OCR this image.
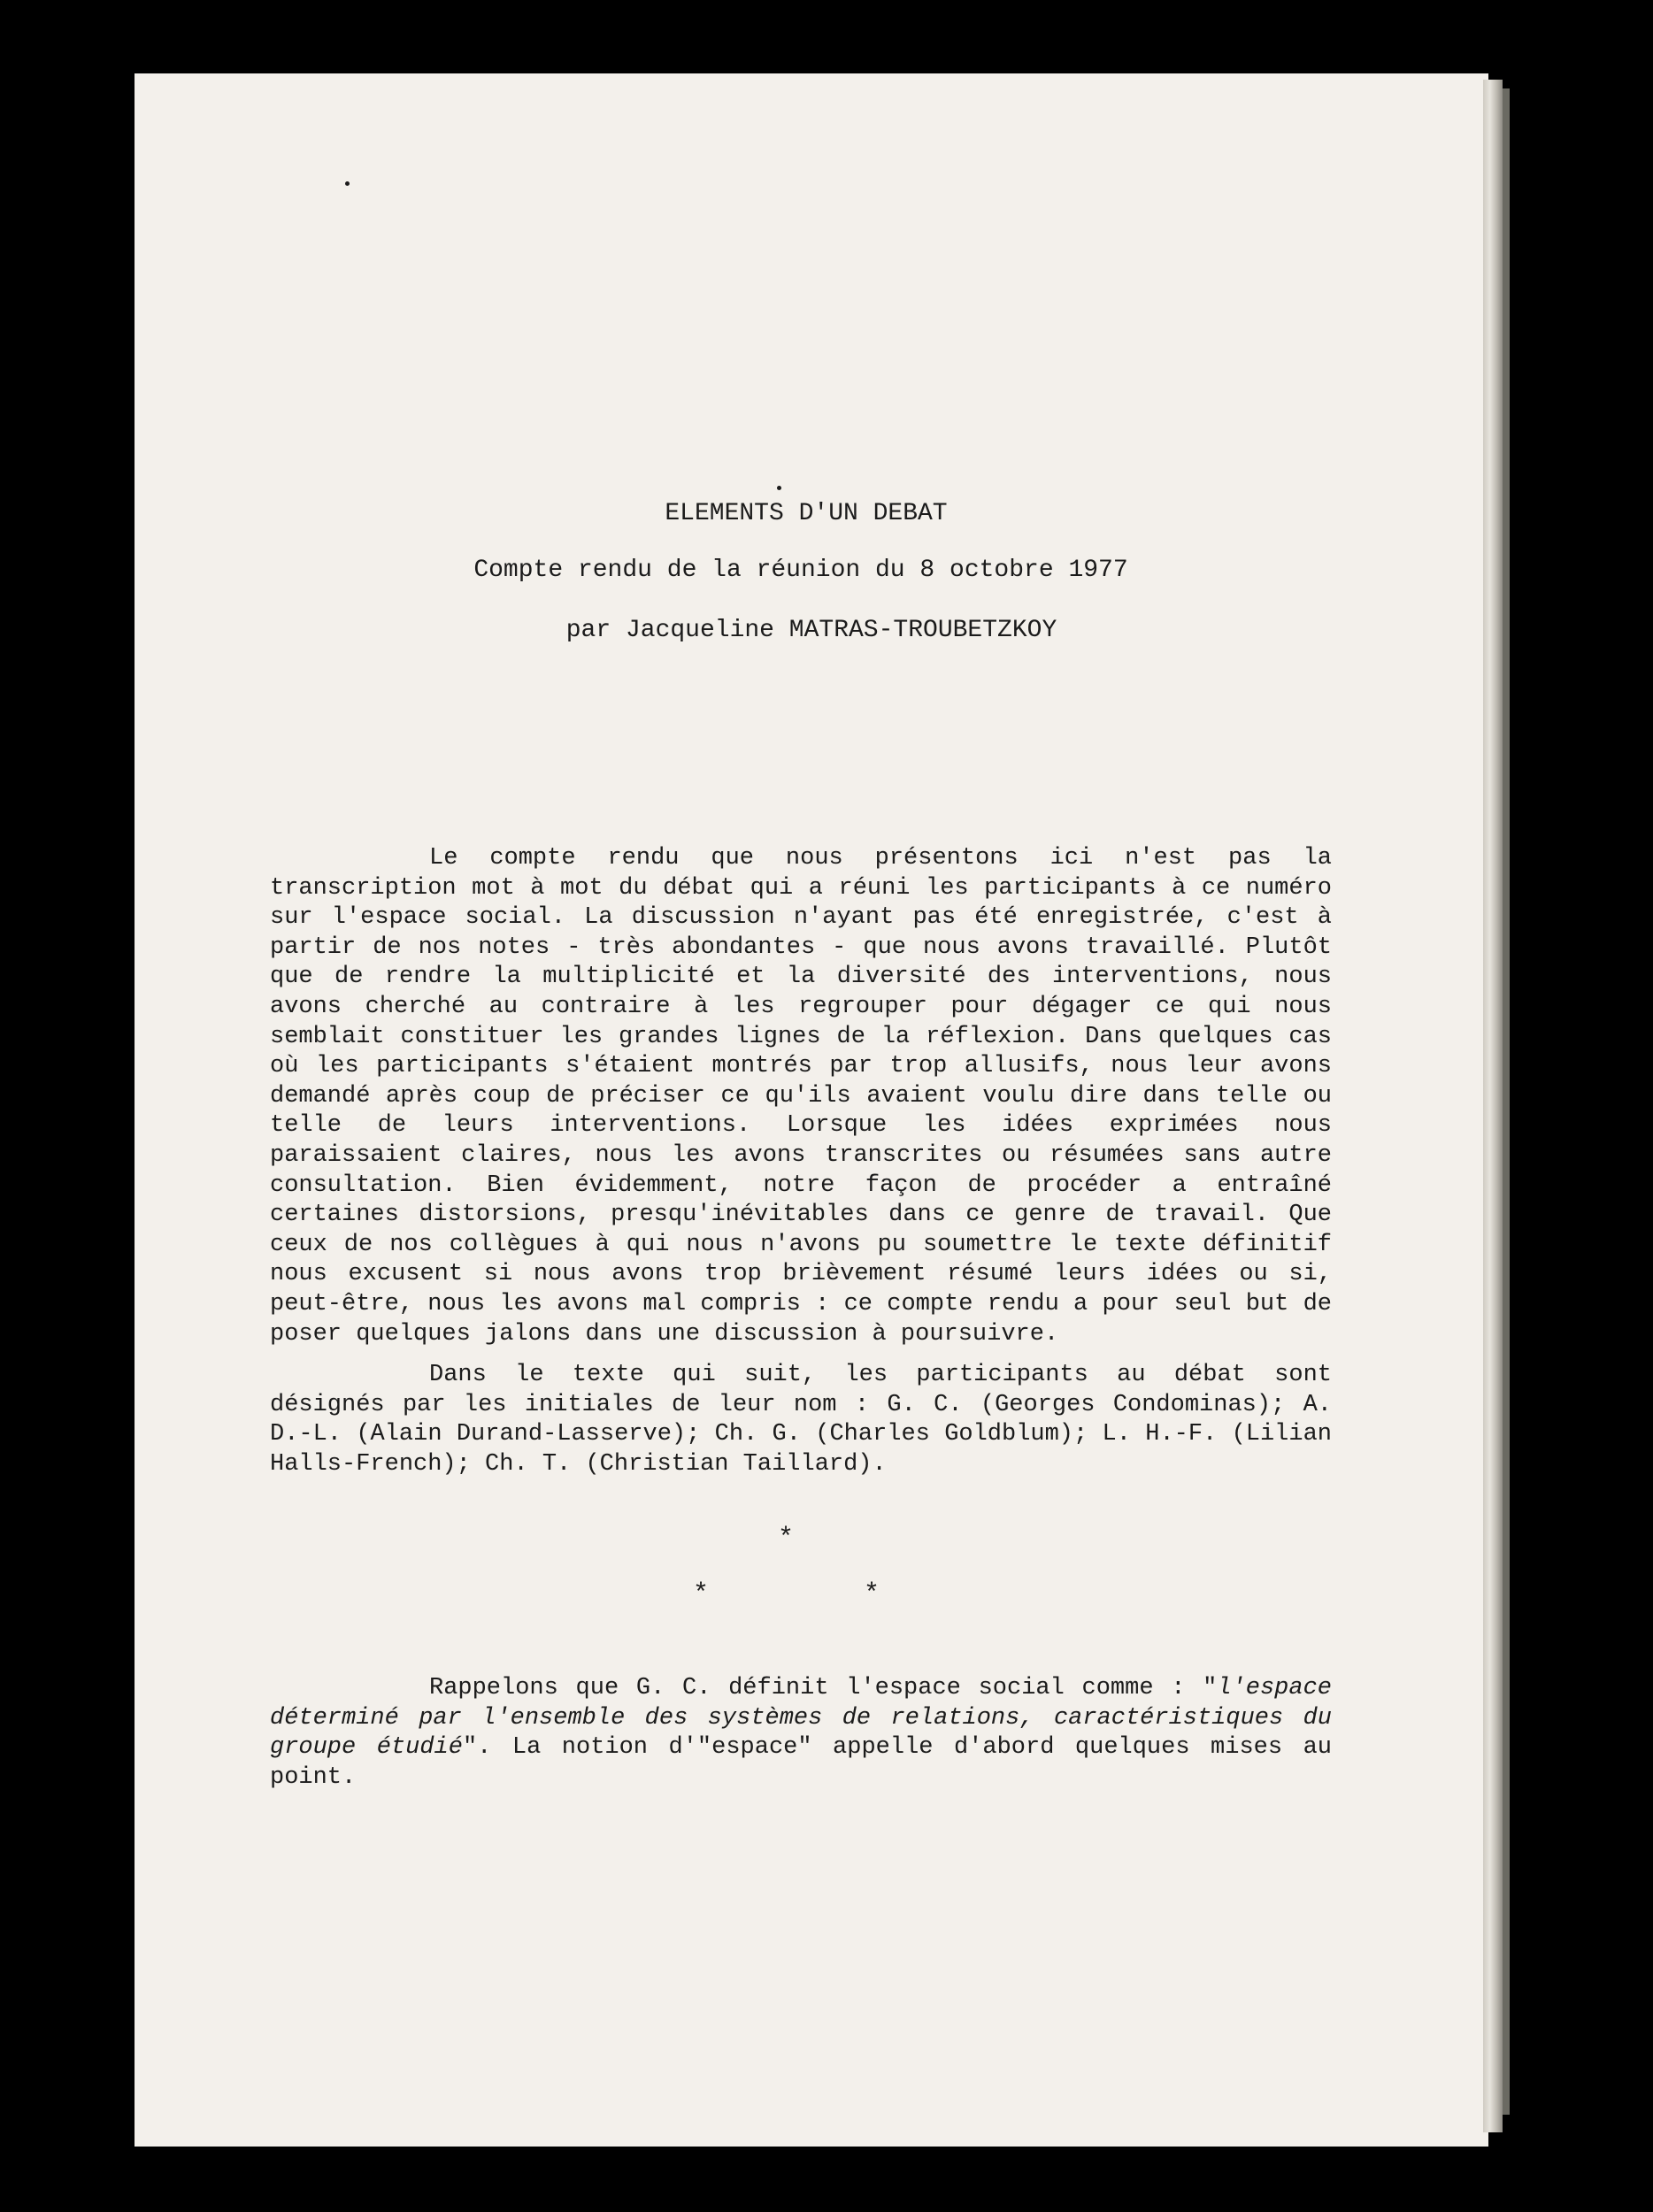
ELEMENTS D'UN DEBAT
Compte rendu de la réunion du 8 octobre 1977
par Jacqueline MATRAS-TROUBETZKOY
Le compte rendu que nous présentons ici n'est pas la transcription mot à mot du débat qui a réuni les participants à ce numéro sur l'espace social. La discussion n'ayant pas été enregistrée, c'est à partir de nos notes - très abondantes - que nous avons travaillé. Plutôt que de rendre la multiplicité et la diversité des interventions, nous avons cherché au contraire à les regrouper pour dégager ce qui nous semblait constituer les grandes lignes de la réflexion. Dans quelques cas où les participants s'étaient montrés par trop allusifs, nous leur avons demandé après coup de préciser ce qu'ils avaient voulu dire dans telle ou telle de leurs interventions. Lorsque les idées exprimées nous paraissaient claires, nous les avons transcrites ou résumées sans autre consultation. Bien évidemment, notre façon de procéder a entraîné certaines distorsions, presqu'inévitables dans ce genre de travail. Que ceux de nos collègues à qui nous n'avons pu soumettre le texte définitif nous excusent si nous avons trop brièvement résumé leurs idées ou si, peut-être, nous les avons mal compris : ce compte rendu a pour seul but de poser quelques jalons dans une discussion à poursuivre.
Dans le texte qui suit, les participants au débat sont désignés par les initiales de leur nom : G. C. (Georges Condominas); A. D.-L. (Alain Durand-Lasserve); Ch. G. (Charles Goldblum); L. H.-F. (Lilian Halls-French); Ch. T. (Christian Taillard).
*
*	*
Rappelons que G. C. définit l'espace social comme : "l'espace déterminé par l'ensemble des systèmes de relations, caractéristiques du groupe étudié". La notion d'"espace" appelle d'abord quelques mises au point.
